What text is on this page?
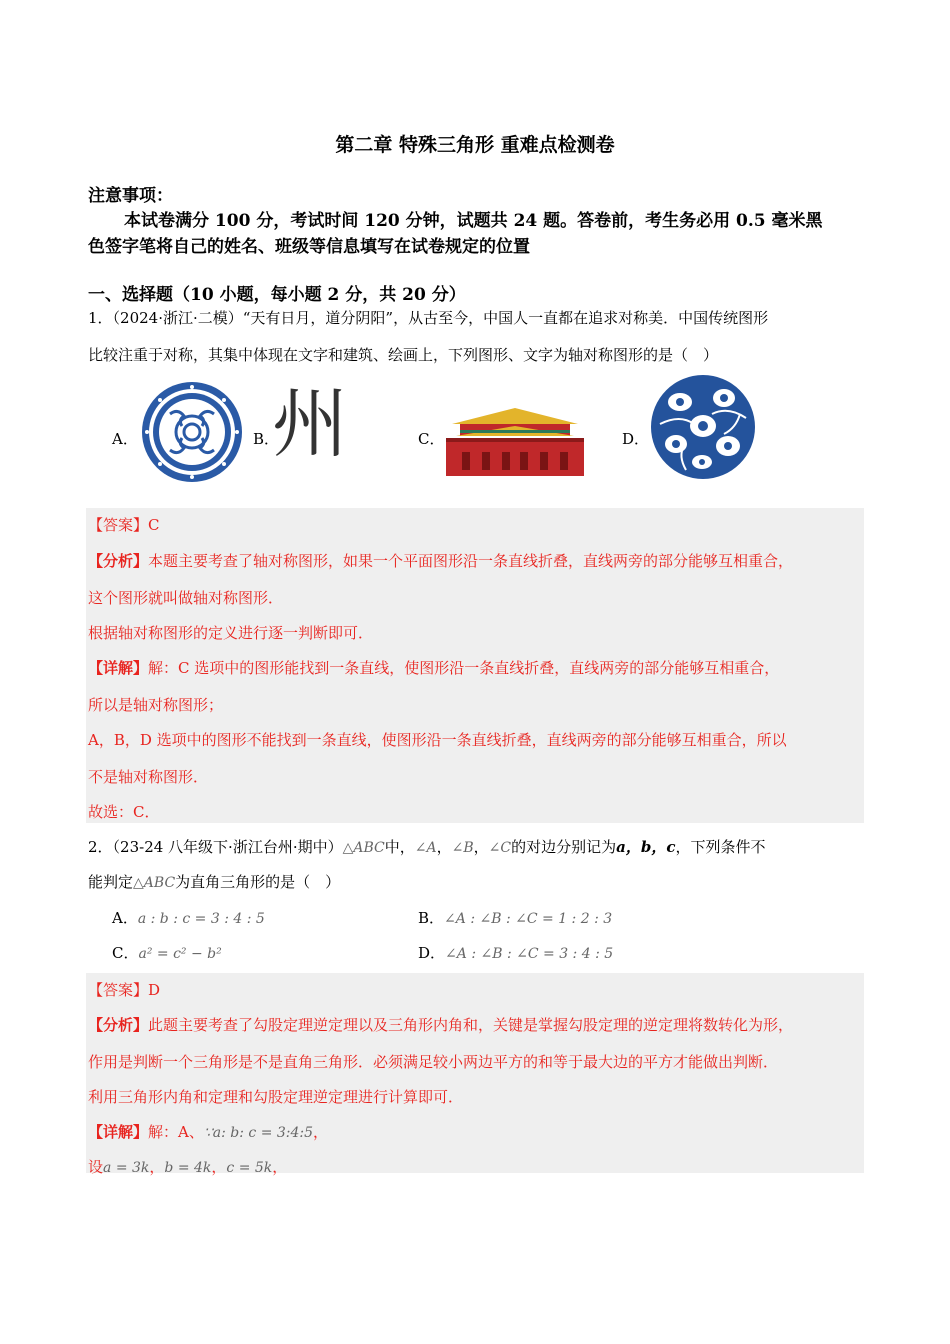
第二章 特殊三角形 重难点检测卷
注意事项：
本试卷满分 100 分，考试时间 120 分钟，试题共 24 题。答卷前，考生务必用 0.5 毫米黑
色签字笔将自己的姓名、班级等信息填写在试卷规定的位置
一、选择题（10 小题，每小题 2 分，共 20 分）
1．（2024·浙江·二模）“天有日月，道分阴阳”，从古至今，中国人一直都在追求对称美．中国传统图形
比较注重于对称，其集中体现在文字和建筑、绘画上，下列图形、文字为轴对称图形的是（　）
A．	B．
州	C．	D．
【答案】C
【分析】本题主要考查了轴对称图形，如果一个平面图形沿一条直线折叠，直线两旁的部分能够互相重合，
这个图形就叫做轴对称图形．
根据轴对称图形的定义进行逐一判断即可．
【详解】解：C 选项中的图形能找到一条直线，使图形沿一条直线折叠，直线两旁的部分能够互相重合，
所以是轴对称图形；
A，B，D 选项中的图形不能找到一条直线，使图形沿一条直线折叠，直线两旁的部分能够互相重合，所以
不是轴对称图形．
故选：C．
2．（23-24 八年级下·浙江台州·期中）△ABC中，∠A，∠B，∠C的对边分别记为a，b，c，下列条件不
能判定△ABC为直角三角形的是（　）
A．a : b : c = 3 : 4 : 5	B．∠A : ∠B : ∠C = 1 : 2 : 3
C．a² = c² − b²	D．∠A : ∠B : ∠C = 3 : 4 : 5
【答案】D
【分析】此题主要考查了勾股定理逆定理以及三角形内角和，关键是掌握勾股定理的逆定理将数转化为形，
作用是判断一个三角形是不是直角三角形．必须满足较小两边平方的和等于最大边的平方才能做出判断．
利用三角形内角和定理和勾股定理逆定理进行计算即可．
【详解】解：A、∵a: b: c = 3:4:5，
设a = 3k，b = 4k，c = 5k，
